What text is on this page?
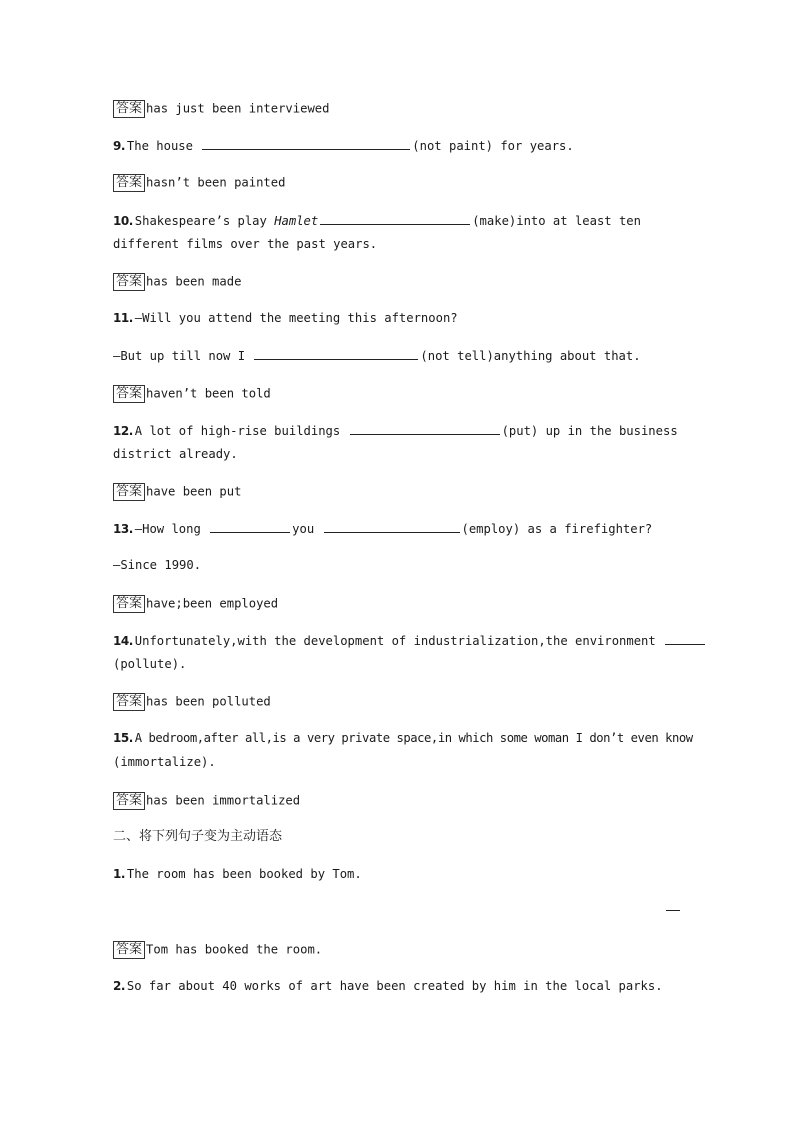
答案 has just been interviewed
9. The house	(not paint) for years.
答案 hasn’t been painted
10. Shakespeare’s play Hamlet	(make)into at least ten
different films over the past years.
答案 has been made
11. —Will you attend the meeting this afternoon?
—But up till now I	(not tell)anything about that.
答案 haven’t been told
12. A lot of high-rise buildings	(put) up in the business
district already.
答案 have been put
13. —How long	you	(employ) as a firefighter?
—Since 1990.
答案 have;been employed
14. Unfortunately,with the development of industrialization,the environment
(pollute).
答案 has been polluted
15. A bedroom,after all,is a very private space,in which some woman I don’t even know
(immortalize).
答案 has been immortalized
二、将下列句子变为主动语态
1. The room has been booked by Tom.
答案 Tom has booked the room.
2. So far about 40 works of art have been created by him in the local parks.
